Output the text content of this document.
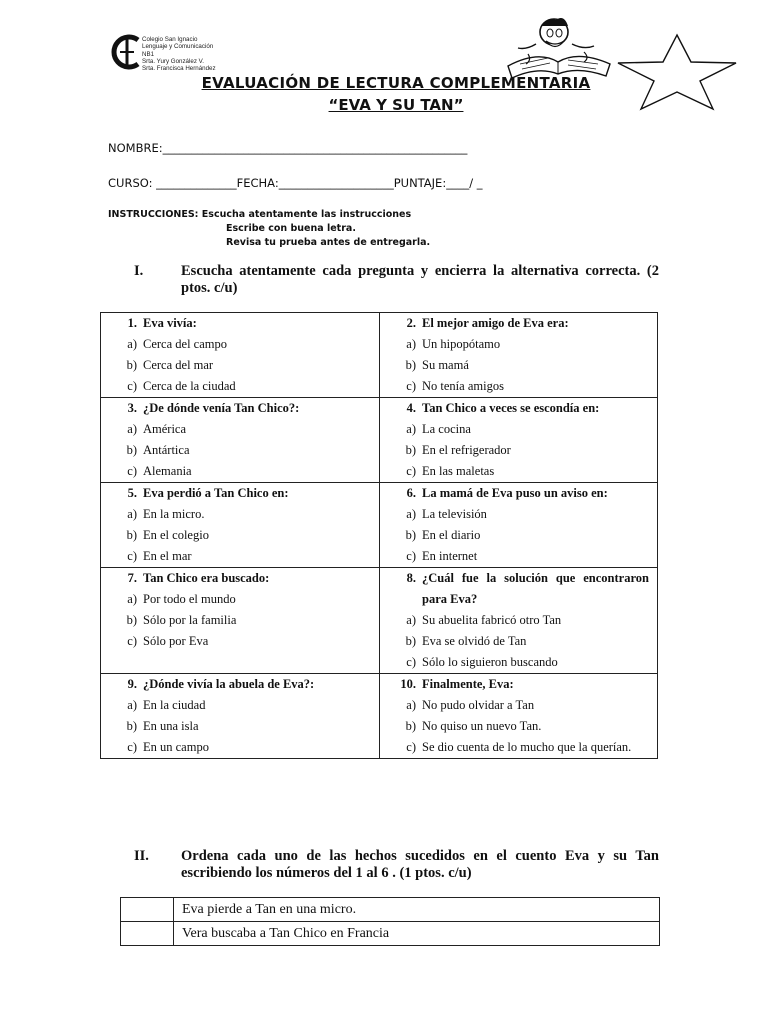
Colegio San Ignacio
Lenguaje y Comunicación
NB1
Srta. Yury González V.
Srta. Francisca Hernández
EVALUACIÓN DE LECTURA COMPLEMENTARIA
“EVA Y SU TAN”
NOMBRE:_____________________________________________________
CURSO: ______________FECHA:____________________PUNTAJE:____/ _
INSTRUCCIONES: Escucha atentamente las instrucciones
Escribe con buena letra.
Revisa tu prueba antes de entregarla.
I.	Escucha atentamente cada pregunta y encierra la alternativa correcta. (2 ptos. c/u)
1. Eva vivía:
a) Cerca del campo
b) Cerca del mar
c) Cerca de la ciudad
2. El mejor amigo de Eva era:
a) Un hipopótamo
b) Su mamá
c) No tenía amigos
3. ¿De dónde venía Tan Chico?:
a) América
b) Antártica
c) Alemania
4. Tan Chico a veces se escondía en:
a) La cocina
b) En el refrigerador
c) En las maletas
5. Eva perdió a Tan Chico en:
a) En la micro.
b) En el colegio
c) En el mar
6. La mamá de Eva puso un aviso en:
a) La televisión
b) En el diario
c) En internet
7. Tan Chico era buscado:
a) Por todo el mundo
b) Sólo por la familia
c) Sólo por Eva
8. ¿Cuál fue la solución que encontraron para Eva?
a) Su abuelita fabricó otro Tan
b) Eva se olvidó de Tan
c) Sólo lo siguieron buscando
9. ¿Dónde vivía la abuela de Eva?:
a) En la ciudad
b) En una isla
c) En un campo
10. Finalmente, Eva:
a) No pudo olvidar a Tan
b) No quiso un nuevo Tan.
c) Se dio cuenta de lo mucho que la querían.
II. Ordena cada uno de las hechos sucedidos en el cuento Eva y su Tan escribiendo los números del 1 al 6 . (1 ptos. c/u)
	Eva pierde a Tan en una micro.
	Vera buscaba a Tan Chico en Francia
